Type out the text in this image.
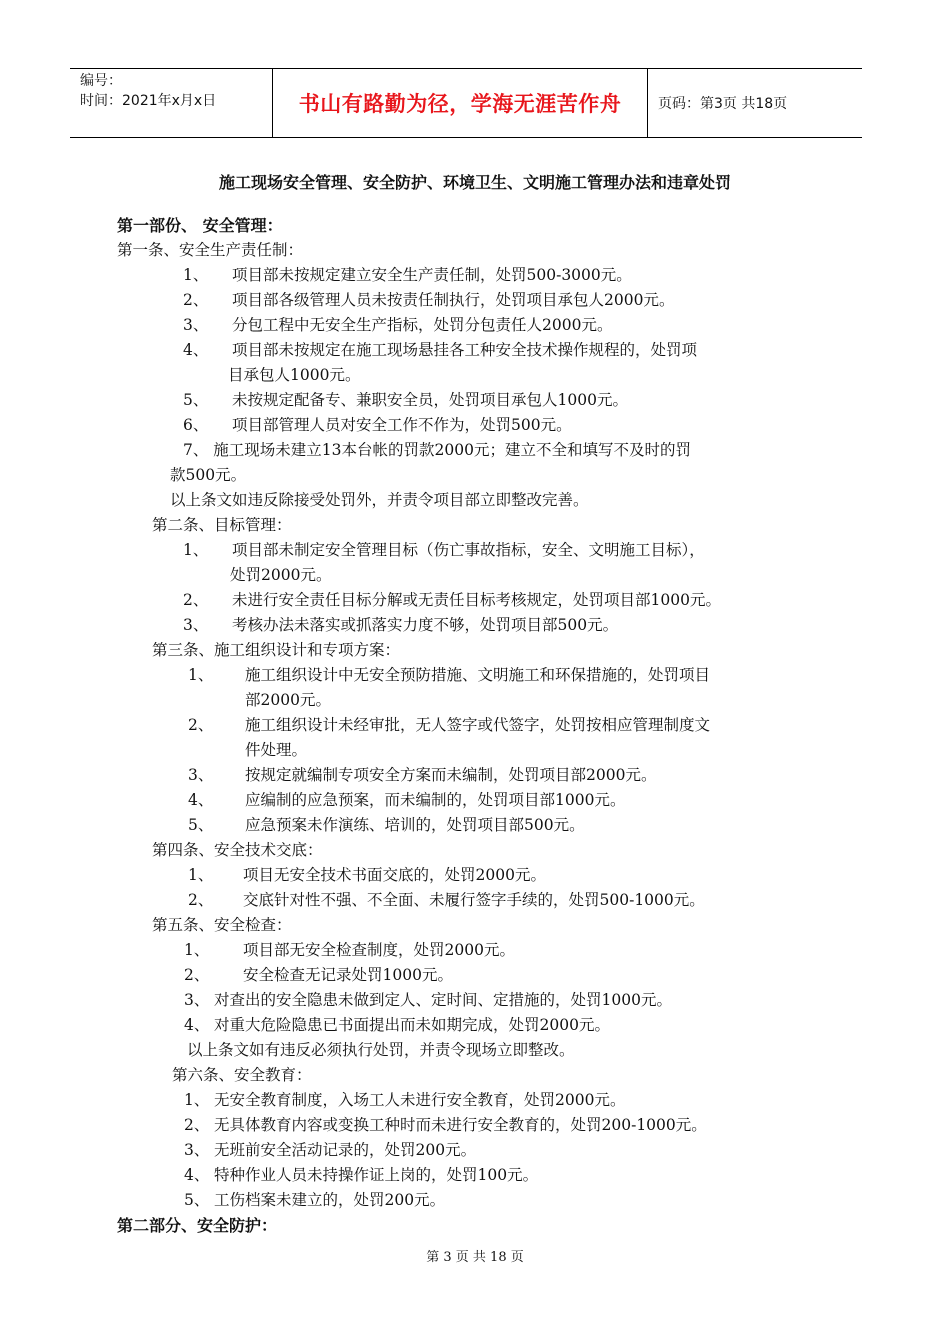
编号：
时间：2021年x月x日	书山有路勤为径，学海无涯苦作舟	页码：第3页 共18页
施工现场安全管理、安全防护、环境卫生、文明施工管理办法和违章处罚
第一部份、 安全管理：
第一条、安全生产责任制：
1、 项目部未按规定建立安全生产责任制，处罚500-3000元。
2、 项目部各级管理人员未按责任制执行，处罚项目承包人2000元。
3、 分包工程中无安全生产指标，处罚分包责任人2000元。
4、 项目部未按规定在施工现场悬挂各工种安全技术操作规程的，处罚项
目承包人1000元。
5、 未按规定配备专、兼职安全员，处罚项目承包人1000元。
6、 项目部管理人员对安全工作不作为，处罚500元。
7、 施工现场未建立13本台帐的罚款2000元；建立不全和填写不及时的罚
款500元。
以上条文如违反除接受处罚外，并责令项目部立即整改完善。
第二条、目标管理：
1、 项目部未制定安全管理目标（伤亡事故指标，安全、文明施工目标），
处罚2000元。
2、 未进行安全责任目标分解或无责任目标考核规定，处罚项目部1000元。
3、 考核办法未落实或抓落实力度不够，处罚项目部500元。
第三条、施工组织设计和专项方案：
1、 施工组织设计中无安全预防措施、文明施工和环保措施的，处罚项目
部2000元。
2、 施工组织设计未经审批，无人签字或代签字，处罚按相应管理制度文
件处理。
3、 按规定就编制专项安全方案而未编制，处罚项目部2000元。
4、 应编制的应急预案，而未编制的，处罚项目部1000元。
5、 应急预案未作演练、培训的，处罚项目部500元。
第四条、安全技术交底：
1、 项目无安全技术书面交底的，处罚2000元。
2、 交底针对性不强、不全面、未履行签字手续的，处罚500-1000元。
第五条、安全检查：
1、 项目部无安全检查制度，处罚2000元。
2、 安全检查无记录处罚1000元。
3、 对查出的安全隐患未做到定人、定时间、定措施的，处罚1000元。
4、 对重大危险隐患已书面提出而未如期完成，处罚2000元。
以上条文如有违反必须执行处罚，并责令现场立即整改。
第六条、安全教育：
1、 无安全教育制度，入场工人未进行安全教育，处罚2000元。
2、 无具体教育内容或变换工种时而未进行安全教育的，处罚200-1000元。
3、 无班前安全活动记录的，处罚200元。
4、 特种作业人员未持操作证上岗的，处罚100元。
5、 工伤档案未建立的，处罚200元。
第二部分、安全防护：
第 3 页 共 18 页
